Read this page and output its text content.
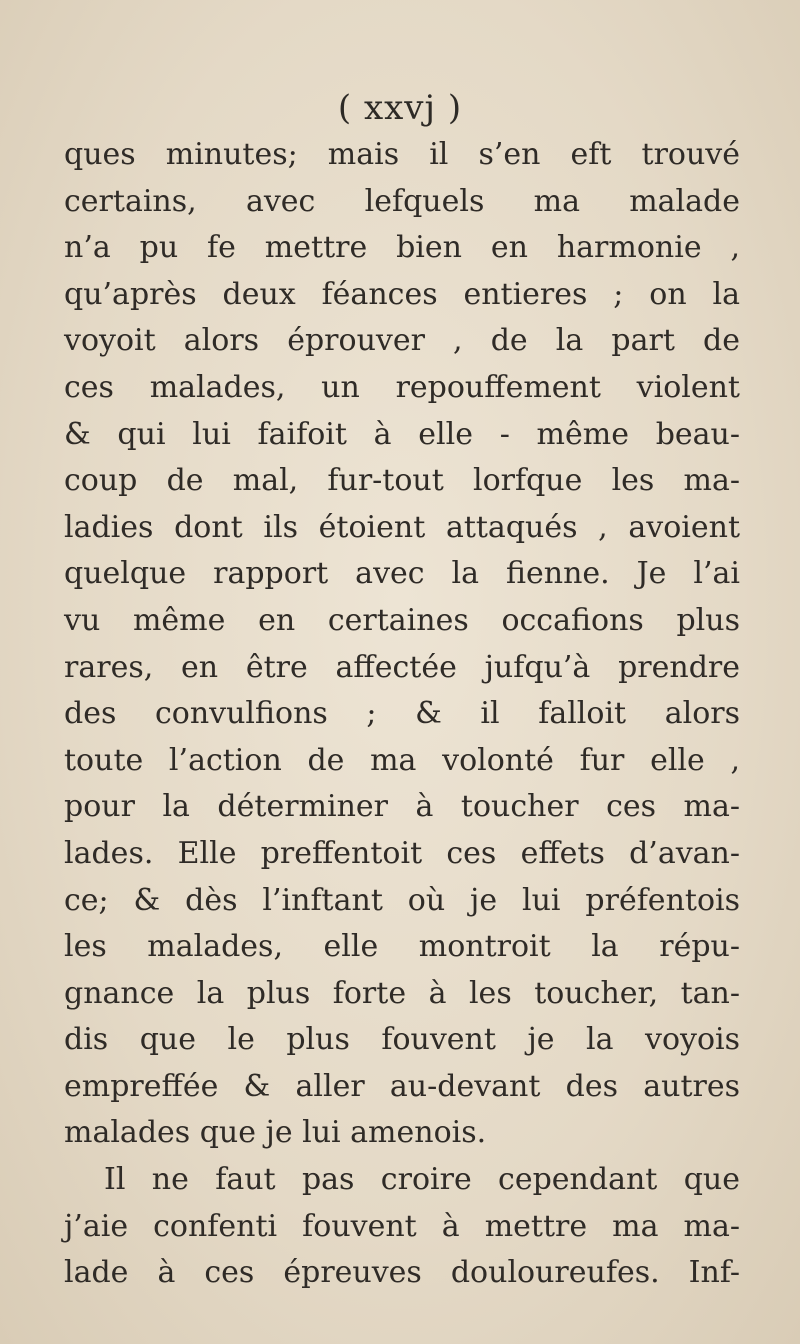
( xxvj )
ques minutes; mais il s’en eft trouvé
certains, avec lefquels ma malade
n’a pu fe mettre bien en harmonie ,
qu’après deux féances entieres ; on la
voyoit alors éprouver , de la part de
ces malades, un repouffement violent
& qui lui faifoit à elle - même beau-
coup de mal, fur-tout lorfque les ma-
ladies dont ils étoient attaqués , avoient
quelque rapport avec la fienne. Je l’ai
vu même en certaines occafions plus
rares, en être affectée jufqu’à prendre
des convulfions ; & il falloit alors
toute l’action de ma volonté fur elle ,
pour la déterminer à toucher ces ma-
lades. Elle preffentoit ces effets d’avan-
ce; & dès l’inftant où je lui préfentois
les malades, elle montroit la répu-
gnance la plus forte à les toucher, tan-
dis que le plus fouvent je la voyois
empreffée & aller au-devant des autres
malades que je lui amenois.
Il ne faut pas croire cependant que
j’aie confenti fouvent à mettre ma ma-
lade à ces épreuves douloureufes. Inf-
